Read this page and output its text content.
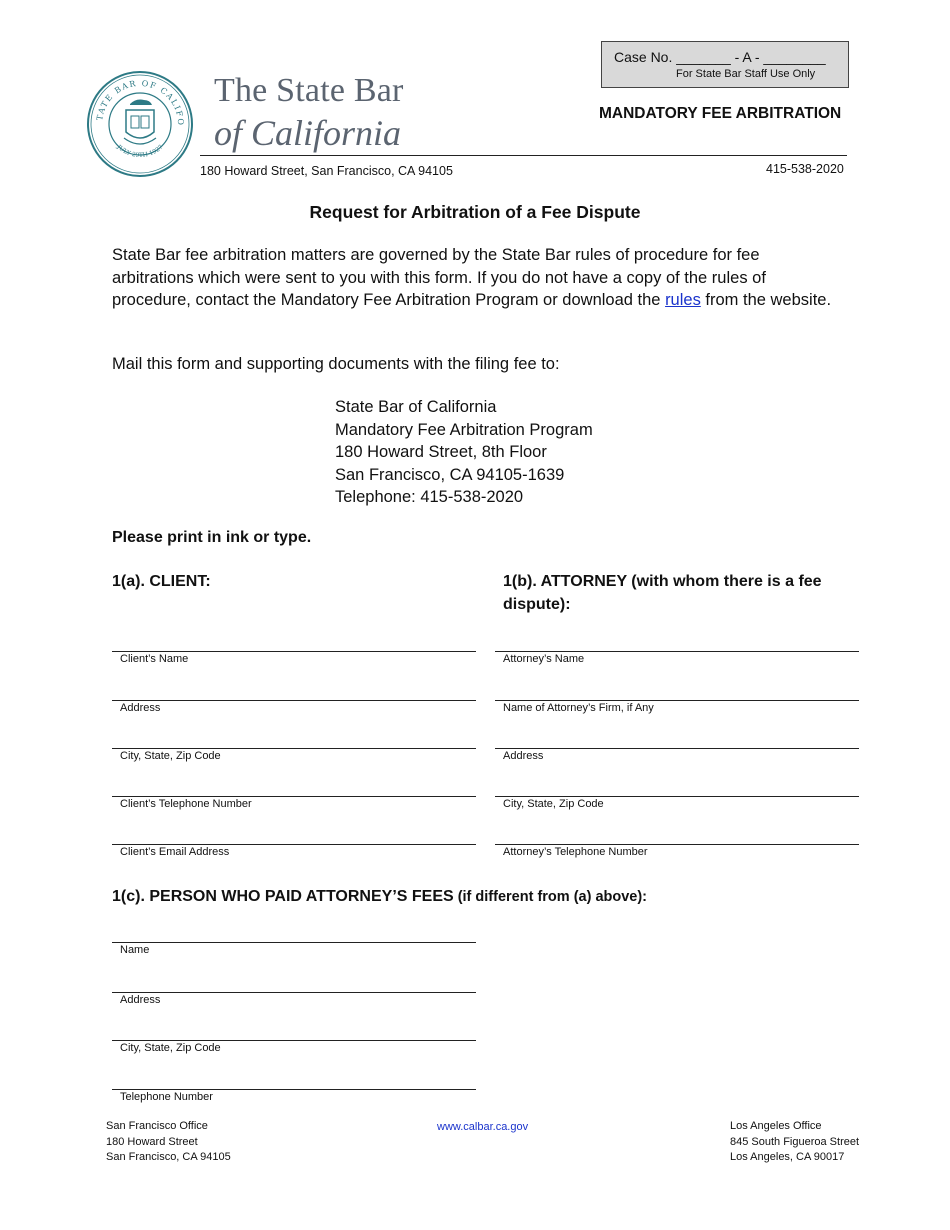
TATE BAR OF CALIFO
JULY 29TH 1927
The State Bar
of California
Case No. _______ - A - ________
For State Bar Staff Use Only
MANDATORY FEE ARBITRATION
180 Howard Street, San Francisco, CA 94105	415-538-2020
Request for Arbitration of a Fee Dispute
State Bar fee arbitration matters are governed by the State Bar rules of procedure for fee arbitrations which were sent to you with this form. If you do not have a copy of the rules of procedure, contact the Mandatory Fee Arbitration Program or download the rules from the website.
Mail this form and supporting documents with the filing fee to:
State Bar of California
Mandatory Fee Arbitration Program
180 Howard Street, 8th Floor
San Francisco, CA 94105-1639
Telephone: 415-538-2020
Please print in ink or type.
1(a). CLIENT:
Client’s Name
Address
City, State, Zip Code
Client’s Telephone Number
Client’s Email Address
1(b). ATTORNEY (with whom there is a fee
dispute):
Attorney’s Name
Name of Attorney’s Firm, if Any
Address
City, State, Zip Code
Attorney’s Telephone Number
1(c). PERSON WHO PAID ATTORNEY’S FEES (if different from (a) above):
Name
Address
City, State, Zip Code
Telephone Number
San Francisco Office
180 Howard Street
San Francisco, CA 94105
www.calbar.ca.gov	Los Angeles Office
845 South Figueroa Street
Los Angeles, CA 90017
